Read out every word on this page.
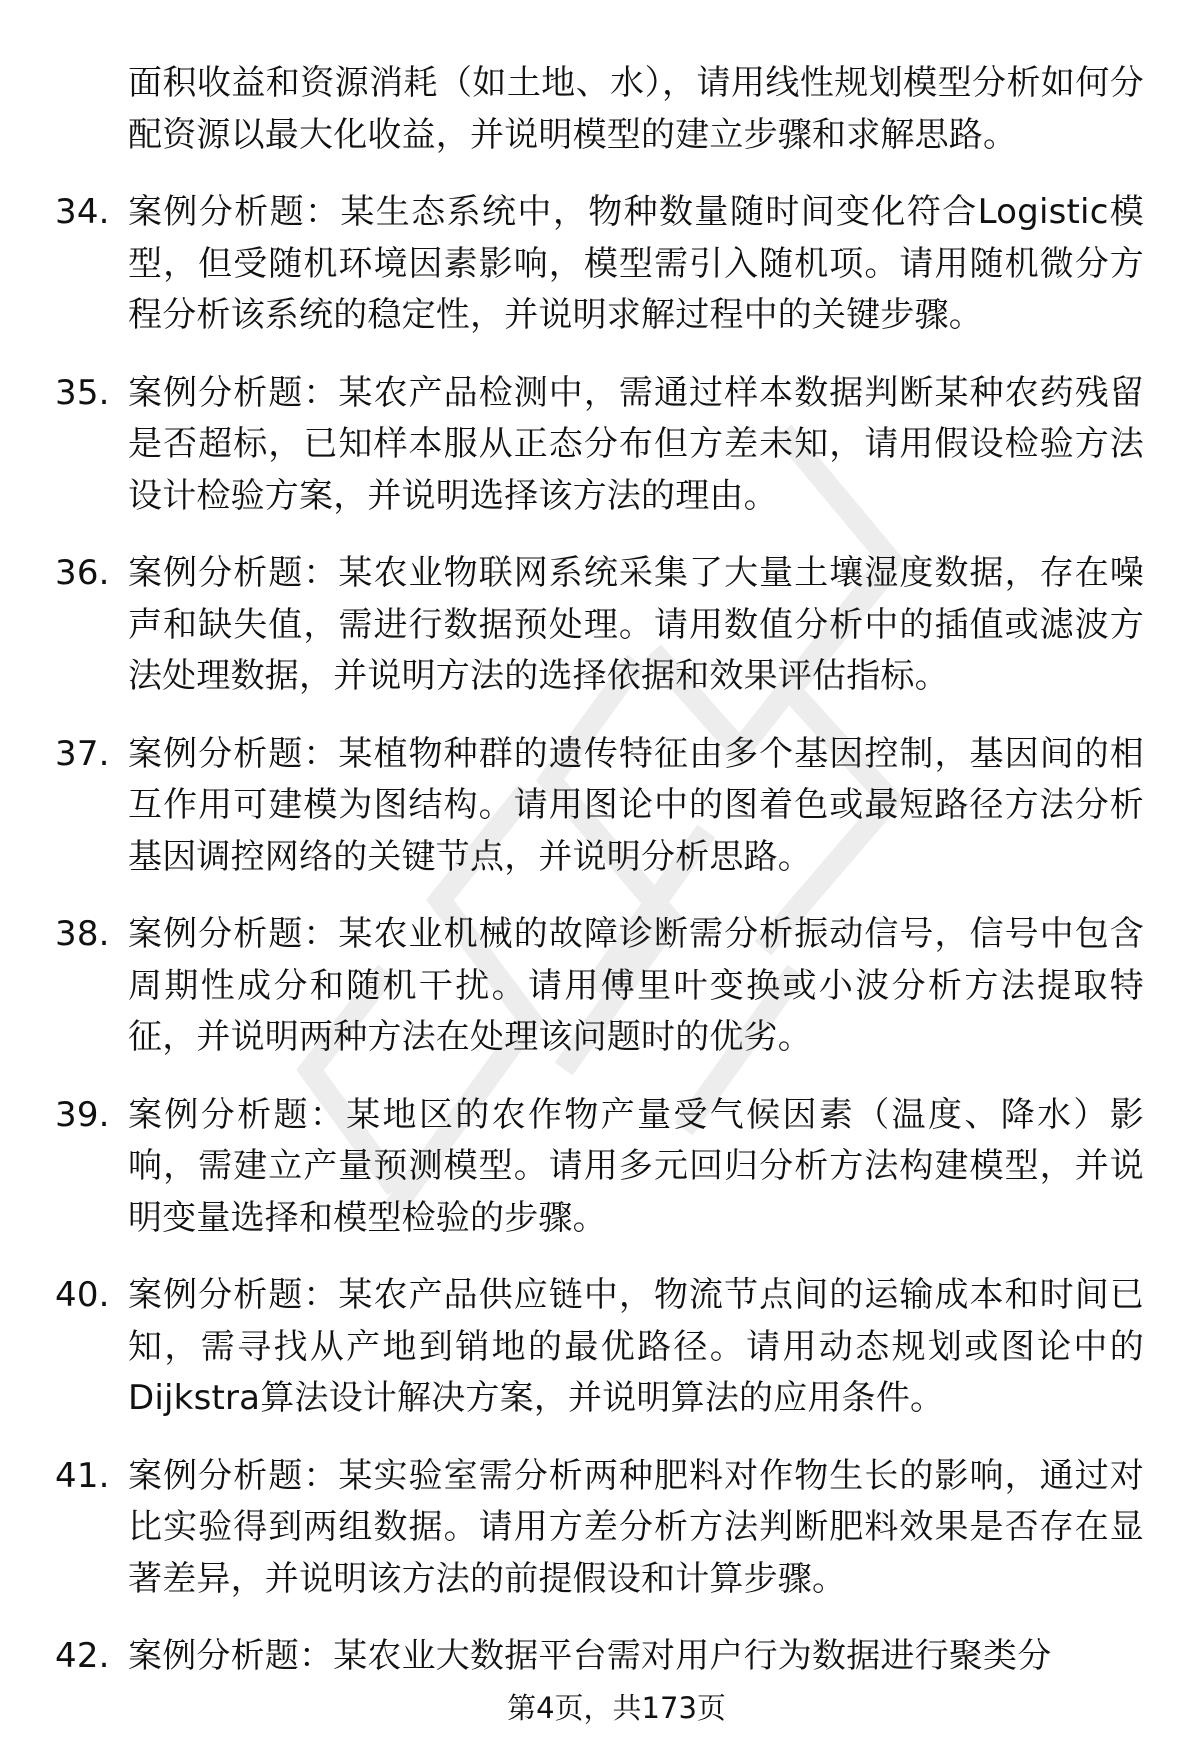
面积收益和资源消耗（如土地、水），请用线性规划模型分析如何分配资源以最大化收益，并说明模型的建立步骤和求解思路。
34. 案例分析题：某生态系统中，物种数量随时间变化符合Logistic模型，但受随机环境因素影响，模型需引入随机项。请用随机微分方程分析该系统的稳定性，并说明求解过程中的关键步骤。
35. 案例分析题：某农产品检测中，需通过样本数据判断某种农药残留是否超标，已知样本服从正态分布但方差未知，请用假设检验方法设计检验方案，并说明选择该方法的理由。
36. 案例分析题：某农业物联网系统采集了大量土壤湿度数据，存在噪声和缺失值，需进行数据预处理。请用数值分析中的插值或滤波方法处理数据，并说明方法的选择依据和效果评估指标。
37. 案例分析题：某植物种群的遗传特征由多个基因控制，基因间的相互作用可建模为图结构。请用图论中的图着色或最短路径方法分析基因调控网络的关键节点，并说明分析思路。
38. 案例分析题：某农业机械的故障诊断需分析振动信号，信号中包含周期性成分和随机干扰。请用傅里叶变换或小波分析方法提取特征，并说明两种方法在处理该问题时的优劣。
39. 案例分析题：某地区的农作物产量受气候因素（温度、降水）影响，需建立产量预测模型。请用多元回归分析方法构建模型，并说明变量选择和模型检验的步骤。
40. 案例分析题：某农产品供应链中，物流节点间的运输成本和时间已知，需寻找从产地到销地的最优路径。请用动态规划或图论中的Dijkstra算法设计解决方案，并说明算法的应用条件。
41. 案例分析题：某实验室需分析两种肥料对作物生长的影响，通过对比实验得到两组数据。请用方差分析方法判断肥料效果是否存在显著差异，并说明该方法的前提假设和计算步骤。
42. 案例分析题：某农业大数据平台需对用户行为数据进行聚类分
第4页，共173页
